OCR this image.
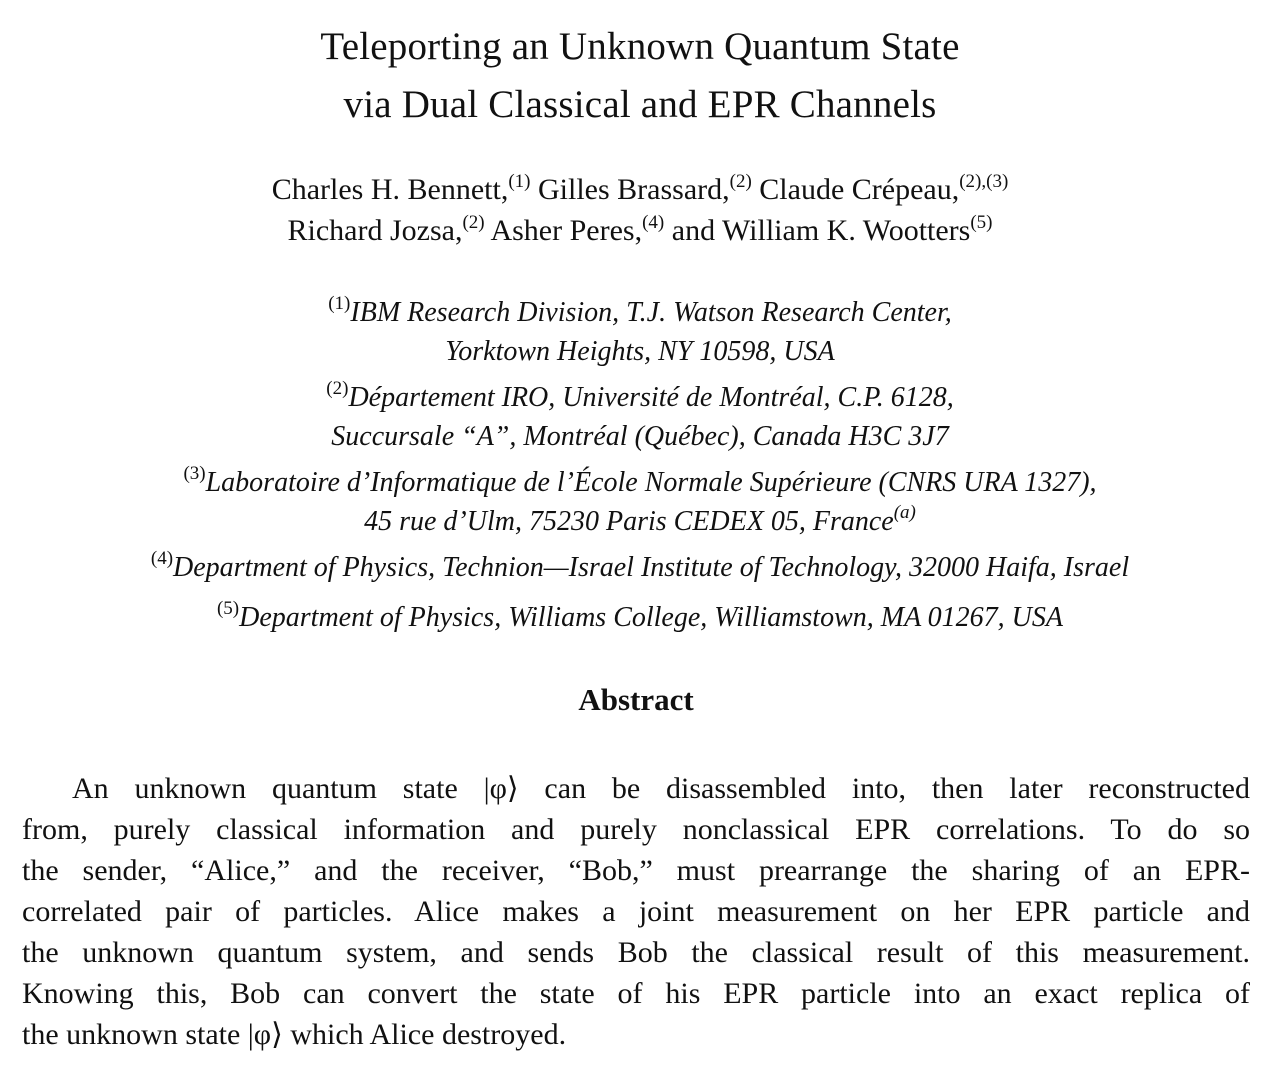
Teleporting an Unknown Quantum State
via Dual Classical and EPR Channels
Charles H. Bennett,$^{(1)}$ Gilles Brassard,$^{(2)}$ Claude Crépeau,$^{(2),(3)}$
Richard Jozsa,$^{(2)}$ Asher Peres,$^{(4)}$ and William K. Wootters$^{(5)}$
$^{(1)}$IBM Research Division, T.J. Watson Research Center,
Yorktown Heights, NY 10598, USA
$^{(2)}$Département IRO, Université de Montréal, C.P. 6128,
Succursale “A”, Montréal (Québec), Canada H3C 3J7
$^{(3)}$Laboratoire d’Informatique de l’École Normale Supérieure (CNRS URA 1327),
45 rue d’Ulm, 75230 Paris CEDEX 05, France$^{(a)}$
$^{(4)}$Department of Physics, Technion—Israel Institute of Technology, 32000 Haifa, Israel
$^{(5)}$Department of Physics, Williams College, Williamstown, MA 01267, USA
Abstract
An unknown quantum state |φ⟩ can be disassembled into, then later reconstructed
from, purely classical information and purely nonclassical EPR correlations. To do so
the sender, “Alice,” and the receiver, “Bob,” must prearrange the sharing of an EPR-
correlated pair of particles. Alice makes a joint measurement on her EPR particle and
the unknown quantum system, and sends Bob the classical result of this measurement.
Knowing this, Bob can convert the state of his EPR particle into an exact replica of
the unknown state |φ⟩ which Alice destroyed.
